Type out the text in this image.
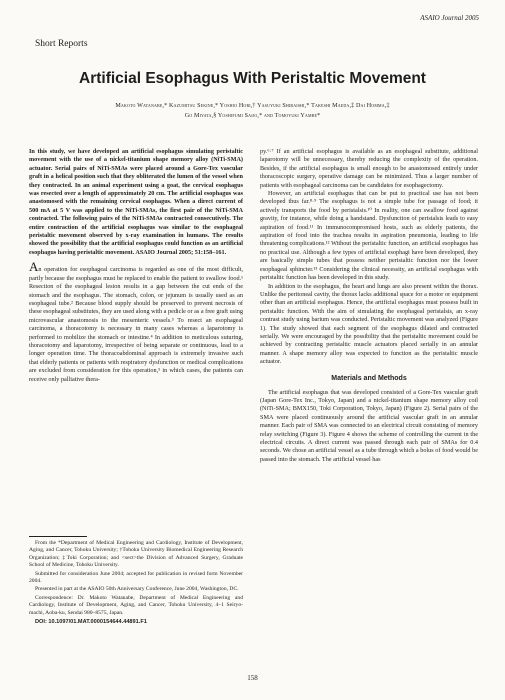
ASAIO Journal 2005
Short Reports
Artificial Esophagus With Peristaltic Movement
Makoto Watanabe,* Kazumitsu Sekine,* Yoshio Hori,† Yasuyuki Shiraishi,* Takeshi Maeda,‡ Dai Homma,‡
Go Miyata,§ Yoshifumi Saijo,* and Tomoyuki Yambe*

In this study, we have developed an artificial esophagus simulating peristaltic movement with the use of a nickel-titanium shape memory alloy (NiTi-SMA) actuator. Serial pairs of NiTi-SMAs were placed around a Gore-Tex vascular graft in a helical position such that they obliterated the lumen of the vessel when they contracted. In an animal experiment using a goat, the cervical esophagus was resected over a length of approximately 20 cm. The artificial esophagus was anastomosed with the remaining cervical esophagus. When a direct current of 500 mA at 5 V was applied to the NiTi-SMAs, the first pair of the NiTi-SMA contracted. The following pairs of the NiTi-SMAs contracted consecutively. The entire contraction of the artificial esophagus was similar to the esophageal peristaltic movement observed by x-ray examination in humans. The results showed the possibility that the artificial esophagus could function as an artificial esophagus having peristaltic movement. ASAIO Journal 2005; 51:158–161.

An operation for esophageal carcinoma is regarded as one of the most difficult, partly because the esophagus must be replaced to enable the patient to swallow food.¹ Resection of the esophageal lesion results in a gap between the cut ends of the stomach and the esophagus. The stomach, colon, or jejunum is usually used as an esophageal tube.² Because blood supply should be preserved to prevent necrosis of these esophageal substitutes, they are used along with a pedicle or as a free graft using microvascular anastomosis to the mesenteric vessels.³ To resect an esophageal carcinoma, a thoracotomy is necessary in many cases whereas a laparotomy is performed to mobilize the stomach or intestine.⁴ In addition to meticulous suturing, thoracotomy and laparotomy, irrespective of being separate or continuous, lead to a longer operation time. The thoracoabdominal approach is extremely invasive such that elderly patients or patients with respiratory dysfunction or medical complications are excluded from consideration for this operation,⁵ in which cases, the patients can receive only palliative thera-

From the *Department of Medical Engineering and Cardiology, Institute of Development, Aging, and Cancer, Tohoku University; †Tohoku University Biomedical Engineering Research Organization; ‡Toki Corporation; and <sect>the Division of Advanced Surgery, Graduate School of Medicine, Tohoku University.

Submitted for consideration June 2004; accepted for publication in revised form November 2004.

Presented in part at the ASAIO 50th Anniversary Conference, June 2004, Washington, DC.

Correspondence: Dr. Makoto Watanabe, Department of Medical Engineering and Cardiology, Institute of Development, Aging, and Cancer, Tohoku University, 4–1 Seiryo-machi, Aoba-ku, Sendai 980–8575, Japan.

DOI: 10.1097/01.MAT.0000154644.44891.F1

py.⁶·⁷ If an artificial esophagus is available as an esophageal substitute, additional laparotomy will be unnecessary, thereby reducing the complexity of the operation. Besides, if the artificial esophagus is small enough to be anastomosed entirely under thoracoscopic surgery, operative damage can be minimized. Thus a larger number of patients with esophageal carcinoma can be candidates for esophagectomy.

However, an artificial esophagus that can be put to practical use has not been developed thus far.⁸·⁹ The esophagus is not a simple tube for passage of food; it actively transports the food by peristalsis.¹⁰ In reality, one can swallow food against gravity, for instance, while doing a handstand. Dysfunction of peristalsis leads to easy aspiration of food.¹¹ In immunocompromised hosts, such as elderly patients, the aspiration of food into the trachea results in aspiration pneumonia, leading to life threatening complications.¹² Without the peristaltic function, an artificial esophagus has no practical use. Although a few types of artificial esophagi have been developed, they are basically simple tubes that possess neither peristaltic function nor the lower esophageal sphincter.¹³ Considering the clinical necessity, an artificial esophagus with peristaltic function has been developed in this study.

In addition to the esophagus, the heart and lungs are also present within the thorax. Unlike the peritoneal cavity, the thorax lacks additional space for a motor or equipment other than an artificial esophagus. Hence, the artificial esophagus must possess built in peristaltic function. With the aim of simulating the esophageal peristalsis, an x-ray contrast study using barium was conducted. Peristaltic movement was analyzed (Figure 1). The study showed that each segment of the esophagus dilated and contracted serially. We were encouraged by the possibility that the peristaltic movement could be achieved by contracting peristaltic muscle actuators placed serially in an annular manner. A shape memory alloy was expected to function as the peristaltic muscle actuator.

Materials and Methods

The artificial esophagus that was developed consisted of a Gore-Tex vascular graft (Japan Gore-Tex Inc., Tokyo, Japan) and a nickel-titanium shape memory alloy coil (NiTi-SMA; BMX150, Toki Corporation, Tokyo, Japan) (Figure 2). Serial pairs of the SMA were placed continuously around the artificial vascular graft in an annular manner. Each pair of SMA was connected to an electrical circuit consisting of memory relay switching (Figure 3). Figure 4 shows the scheme of controlling the current in the electrical circuits. A direct current was passed through each pair of SMAs for 0.4 seconds. We chose an artificial vessel as a tube through which a bolus of food would be passed into the stomach. The artificial vessel has

158
